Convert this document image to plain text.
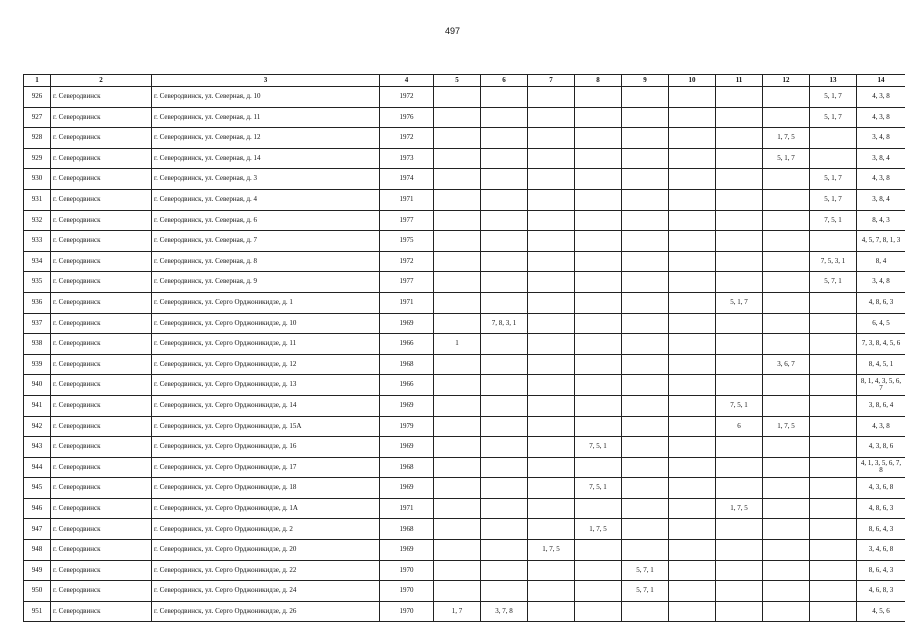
497
1	2	3	4	5	6	7	8	9	10	11	12	13	14
926	г. Северодвинск	г. Северодвинск, ул. Северная, д. 10	1972									5, 1, 7	4, 3, 8
927	г. Северодвинск	г. Северодвинск, ул. Северная, д. 11	1976									5, 1, 7	4, 3, 8
928	г. Северодвинск	г. Северодвинск, ул. Северная, д. 12	1972								1, 7, 5		3, 4, 8
929	г. Северодвинск	г. Северодвинск, ул. Северная, д. 14	1973								5, 1, 7		3, 8, 4
930	г. Северодвинск	г. Северодвинск, ул. Северная, д. 3	1974									5, 1, 7	4, 3, 8
931	г. Северодвинск	г. Северодвинск, ул. Северная, д. 4	1971									5, 1, 7	3, 8, 4
932	г. Северодвинск	г. Северодвинск, ул. Северная, д. 6	1977									7, 5, 1	8, 4, 3
933	г. Северодвинск	г. Северодвинск, ул. Северная, д. 7	1975										4, 5, 7, 8, 1, 3
934	г. Северодвинск	г. Северодвинск, ул. Северная, д. 8	1972									7, 5, 3, 1	8, 4
935	г. Северодвинск	г. Северодвинск, ул. Северная, д. 9	1977									5, 7, 1	3, 4, 8
936	г. Северодвинск	г. Северодвинск, ул. Серго Орджоникидзе, д. 1	1971							5, 1, 7			4, 8, 6, 3
937	г. Северодвинск	г. Северодвинск, ул. Серго Орджоникидзе, д. 10	1969		7, 8, 3, 1								6, 4, 5
938	г. Северодвинск	г. Северодвинск, ул. Серго Орджоникидзе, д. 11	1966	1									7, 3, 8, 4, 5, 6
939	г. Северодвинск	г. Северодвинск, ул. Серго Орджоникидзе, д. 12	1968								3, 6, 7		8, 4, 5, 1
940	г. Северодвинск	г. Северодвинск, ул. Серго Орджоникидзе, д. 13	1966										8, 1, 4, 3, 5, 6, 7
941	г. Северодвинск	г. Северодвинск, ул. Серго Орджоникидзе, д. 14	1969							7, 5, 1			3, 8, 6, 4
942	г. Северодвинск	г. Северодвинск, ул. Серго Орджоникидзе, д. 15А	1979							6	1, 7, 5		4, 3, 8
943	г. Северодвинск	г. Северодвинск, ул. Серго Орджоникидзе, д. 16	1969				7, 5, 1						4, 3, 8, 6
944	г. Северодвинск	г. Северодвинск, ул. Серго Орджоникидзе, д. 17	1968										4, 1, 3, 5, 6, 7, 8
945	г. Северодвинск	г. Северодвинск, ул. Серго Орджоникидзе, д. 18	1969				7, 5, 1						4, 3, 6, 8
946	г. Северодвинск	г. Северодвинск, ул. Серго Орджоникидзе, д. 1А	1971							1, 7, 5			4, 8, 6, 3
947	г. Северодвинск	г. Северодвинск, ул. Серго Орджоникидзе, д. 2	1968				1, 7, 5						8, 6, 4, 3
948	г. Северодвинск	г. Северодвинск, ул. Серго Орджоникидзе, д. 20	1969			1, 7, 5							3, 4, 6, 8
949	г. Северодвинск	г. Северодвинск, ул. Серго Орджоникидзе, д. 22	1970					5, 7, 1					8, 6, 4, 3
950	г. Северодвинск	г. Северодвинск, ул. Серго Орджоникидзе, д. 24	1970					5, 7, 1					4, 6, 8, 3
951	г. Северодвинск	г. Северодвинск, ул. Серго Орджоникидзе, д. 26	1970	1, 7	3, 7, 8								4, 5, 6
